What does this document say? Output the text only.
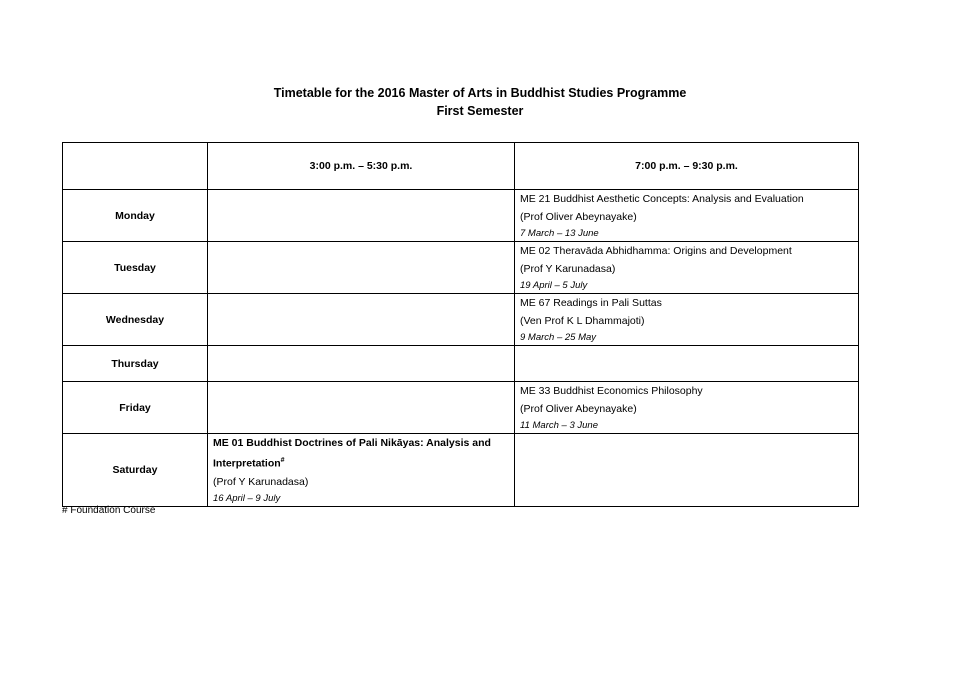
Timetable for the 2016 Master of Arts in Buddhist Studies Programme
First Semester
	3:00 p.m. – 5:30 p.m.	7:00 p.m. – 9:30 p.m.
Monday		ME 21 Buddhist Aesthetic Concepts: Analysis and Evaluation
(Prof Oliver Abeynayake)
7 March – 13 June

Tuesday		ME 02 Theravāda Abhidhamma: Origins and Development
(Prof Y Karunadasa)
19 April – 5 July

Wednesday		ME 67 Readings in Pali Suttas
(Ven Prof K L Dhammajoti)
9 March – 25 May

Thursday		
Friday		ME 33 Buddhist Economics Philosophy
(Prof Oliver Abeynayake)
11 March – 3 June

Saturday	ME 01 Buddhist Doctrines of Pali Nikāyas: Analysis and Interpretation#
(Prof Y Karunadasa)
16 April – 9 July	

# Foundation Course
